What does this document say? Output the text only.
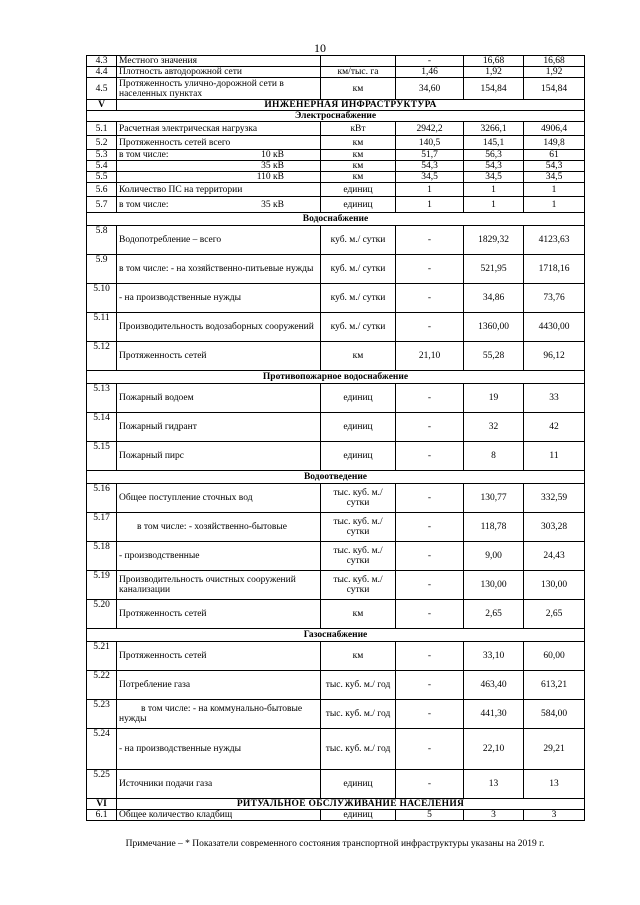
10
4.3	Местного значения		-	16,68	16,68
4.4	Плотность автодорожной сети	км/тыс. га	1,46	1,92	1,92
4.5	Протяженность улично-дорожной сети в населенных пунктах	км	34,60	154,84	154,84
V	ИНЖЕНЕРНАЯ ИНФРАСТРУКТУРА				
Электроснабжение					
5.1	Расчетная электрическая нагрузка	кВт	2942,2	3266,1	4906,4
5.2	Протяженность сетей всего	км	140,5	145,1	149,8
5.3	в том числе: 10 кВ	км	51,7	56,3	61
5.4	35 кВ	км	54,3	54,3	54,3
5.5	110 кВ	км	34,5	34,5	34,5
5.6	Количество ПС на территории	единиц	1	1	1
5.7	в том числе: 35 кВ	единиц	1	1	1
Водоснабжение					
5.8	Водопотребление – всего	куб. м./ сутки	-	1829,32	4123,63
5.9	в том числе: - на хозяйственно-питьевые нужды	куб. м./ сутки	-	521,95	1718,16
5.10	- на производственные нужды	куб. м./ сутки	-	34,86	73,76
5.11	Производительность водозаборных сооружений	куб. м./ сутки	-	1360,00	4430,00
5.12	Протяженность сетей	км	21,10	55,28	96,12
Противопожарное водоснабжение					
5.13	Пожарный водоем	единиц	-	19	33
5.14	Пожарный гидрант	единиц	-	32	42
5.15	Пожарный пирс	единиц	-	8	11
Водоотведение					
5.16	Общее поступление сточных вод	тыс. куб. м./ сутки	-	130,77	332,59
5.17	в том числе: - хозяйственно-бытовые	тыс. куб. м./ сутки	-	118,78	303,28
5.18	- производственные	тыс. куб. м./ сутки	-	9,00	24,43
5.19	Производительность очистных сооружений канализации	тыс. куб. м./ сутки	-	130,00	130,00
5.20	Протяженность сетей	км	-	2,65	2,65
Газоснабжение					
5.21	Протяженность сетей	км	-	33,10	60,00
5.22	Потребление газа	тыс. куб. м./ год	-	463,40	613,21
5.23	в том числе: - на коммунально-бытовые нужды	тыс. куб. м./ год	-	441,30	584,00
5.24	- на производственные нужды	тыс. куб. м./ год	-	22,10	29,21
5.25	Источники подачи газа	единиц	-	13	13
VI	РИТУАЛЬНОЕ ОБСЛУЖИВАНИЕ НАСЕЛЕНИЯ				
6.1	Общее количество кладбищ	единиц	5	3	3
Примечание – * Показатели современного состояния транспортной инфраструктуры указаны на 2019 г.
